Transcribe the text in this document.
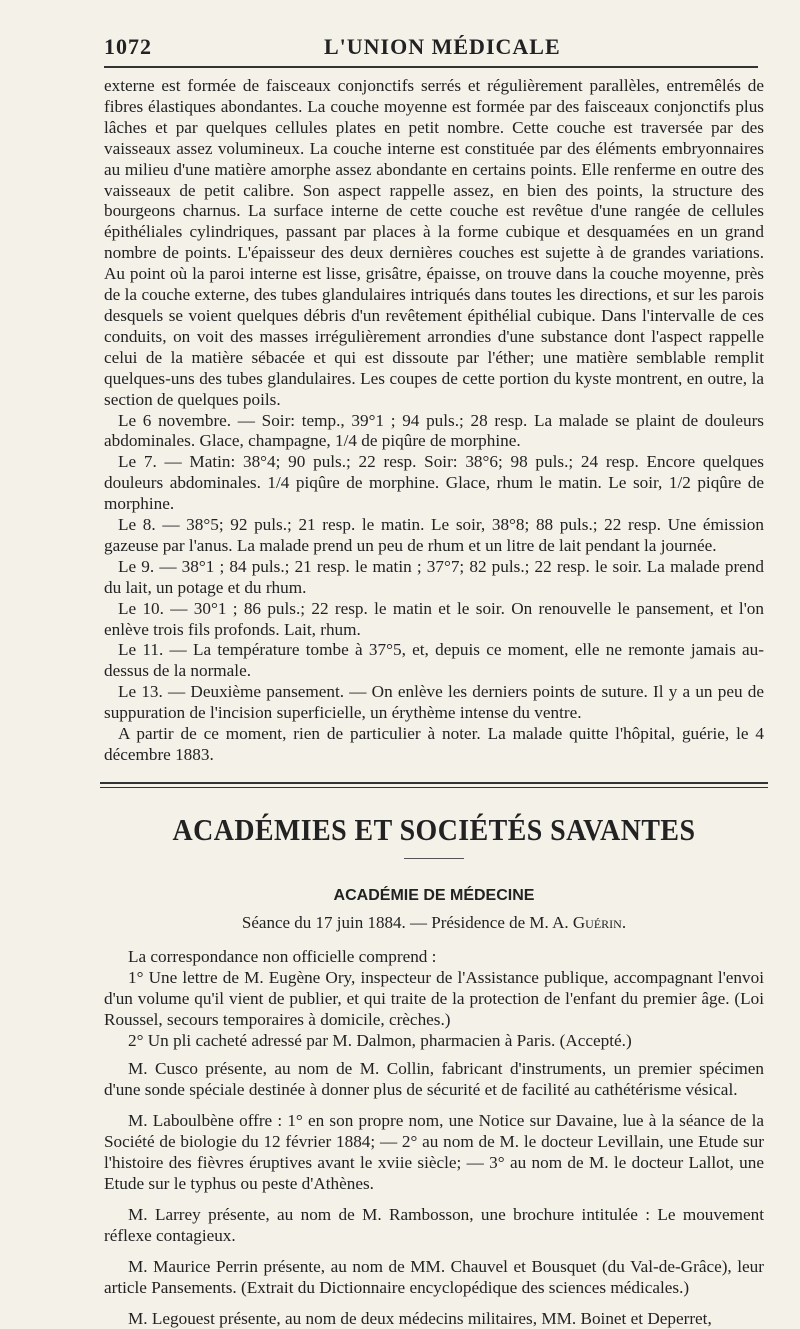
1072	L'UNION MÉDICALE

externe est formée de faisceaux conjonctifs serrés et régulièrement parallèles, entremêlés de fibres élastiques abondantes. La couche moyenne est formée par des faisceaux conjonctifs plus lâches et par quelques cellules plates en petit nombre. Cette couche est traversée par des vaisseaux assez volumineux. La couche interne est constituée par des éléments embryonnaires au milieu d'une matière amorphe assez abondante en certains points. Elle renferme en outre des vaisseaux de petit calibre. Son aspect rappelle assez, en bien des points, la structure des bourgeons charnus. La surface interne de cette couche est revêtue d'une rangée de cellules épithéliales cylindriques, passant par places à la forme cubique et desquamées en un grand nombre de points. L'épaisseur des deux dernières couches est sujette à de grandes variations. Au point où la paroi interne est lisse, grisâtre, épaisse, on trouve dans la couche moyenne, près de la couche externe, des tubes glandulaires intriqués dans toutes les directions, et sur les parois desquels se voient quelques débris d'un revêtement épithélial cubique. Dans l'intervalle de ces conduits, on voit des masses irrégulièrement arrondies d'une substance dont l'aspect rappelle celui de la matière sébacée et qui est dissoute par l'éther; une matière semblable remplit quelques-uns des tubes glandulaires. Les coupes de cette portion du kyste montrent, en outre, la section de quelques poils.

Le 6 novembre. — Soir: temp., 39°1 ; 94 puls.; 28 resp. La malade se plaint de douleurs abdominales. Glace, champagne, 1/4 de piqûre de morphine.

Le 7. — Matin: 38°4; 90 puls.; 22 resp. Soir: 38°6; 98 puls.; 24 resp. Encore quelques douleurs abdominales. 1/4 piqûre de morphine. Glace, rhum le matin. Le soir, 1/2 piqûre de morphine.

Le 8. — 38°5; 92 puls.; 21 resp. le matin. Le soir, 38°8; 88 puls.; 22 resp. Une émission gazeuse par l'anus. La malade prend un peu de rhum et un litre de lait pendant la journée.

Le 9. — 38°1 ; 84 puls.; 21 resp. le matin ; 37°7; 82 puls.; 22 resp. le soir. La malade prend du lait, un potage et du rhum.

Le 10. — 30°1 ; 86 puls.; 22 resp. le matin et le soir. On renouvelle le pansement, et l'on enlève trois fils profonds. Lait, rhum.

Le 11. — La température tombe à 37°5, et, depuis ce moment, elle ne remonte jamais au-dessus de la normale.

Le 13. — Deuxième pansement. — On enlève les derniers points de suture. Il y a un peu de suppuration de l'incision superficielle, un érythème intense du ventre.

A partir de ce moment, rien de particulier à noter. La malade quitte l'hôpital, guérie, le 4 décembre 1883.

ACADÉMIES ET SOCIÉTÉS SAVANTES
ACADÉMIE DE MÉDECINE
Séance du 17 juin 1884. — Présidence de M. A. Guérin.

La correspondance non officielle comprend :

1° Une lettre de M. Eugène Ory, inspecteur de l'Assistance publique, accompagnant l'envoi d'un volume qu'il vient de publier, et qui traite de la protection de l'enfant du premier âge. (Loi Roussel, secours temporaires à domicile, crèches.)

2° Un pli cacheté adressé par M. Dalmon, pharmacien à Paris. (Accepté.)

M. Cusco présente, au nom de M. Collin, fabricant d'instruments, un premier spécimen d'une sonde spéciale destinée à donner plus de sécurité et de facilité au cathétérisme vésical.

M. Laboulbène offre : 1° en son propre nom, une Notice sur Davaine, lue à la séance de la Société de biologie du 12 février 1884; — 2° au nom de M. le docteur Levillain, une Etude sur l'histoire des fièvres éruptives avant le xviie siècle; — 3° au nom de M. le docteur Lallot, une Etude sur le typhus ou peste d'Athènes.

M. Larrey présente, au nom de M. Rambosson, une brochure intitulée : Le mouvement réflexe contagieux.

M. Maurice Perrin présente, au nom de MM. Chauvel et Bousquet (du Val-de-Grâce), leur article Pansements. (Extrait du Dictionnaire encyclopédique des sciences médicales.)

M. Legouest présente, au nom de deux médecins militaires, MM. Boinet et Deperret,
